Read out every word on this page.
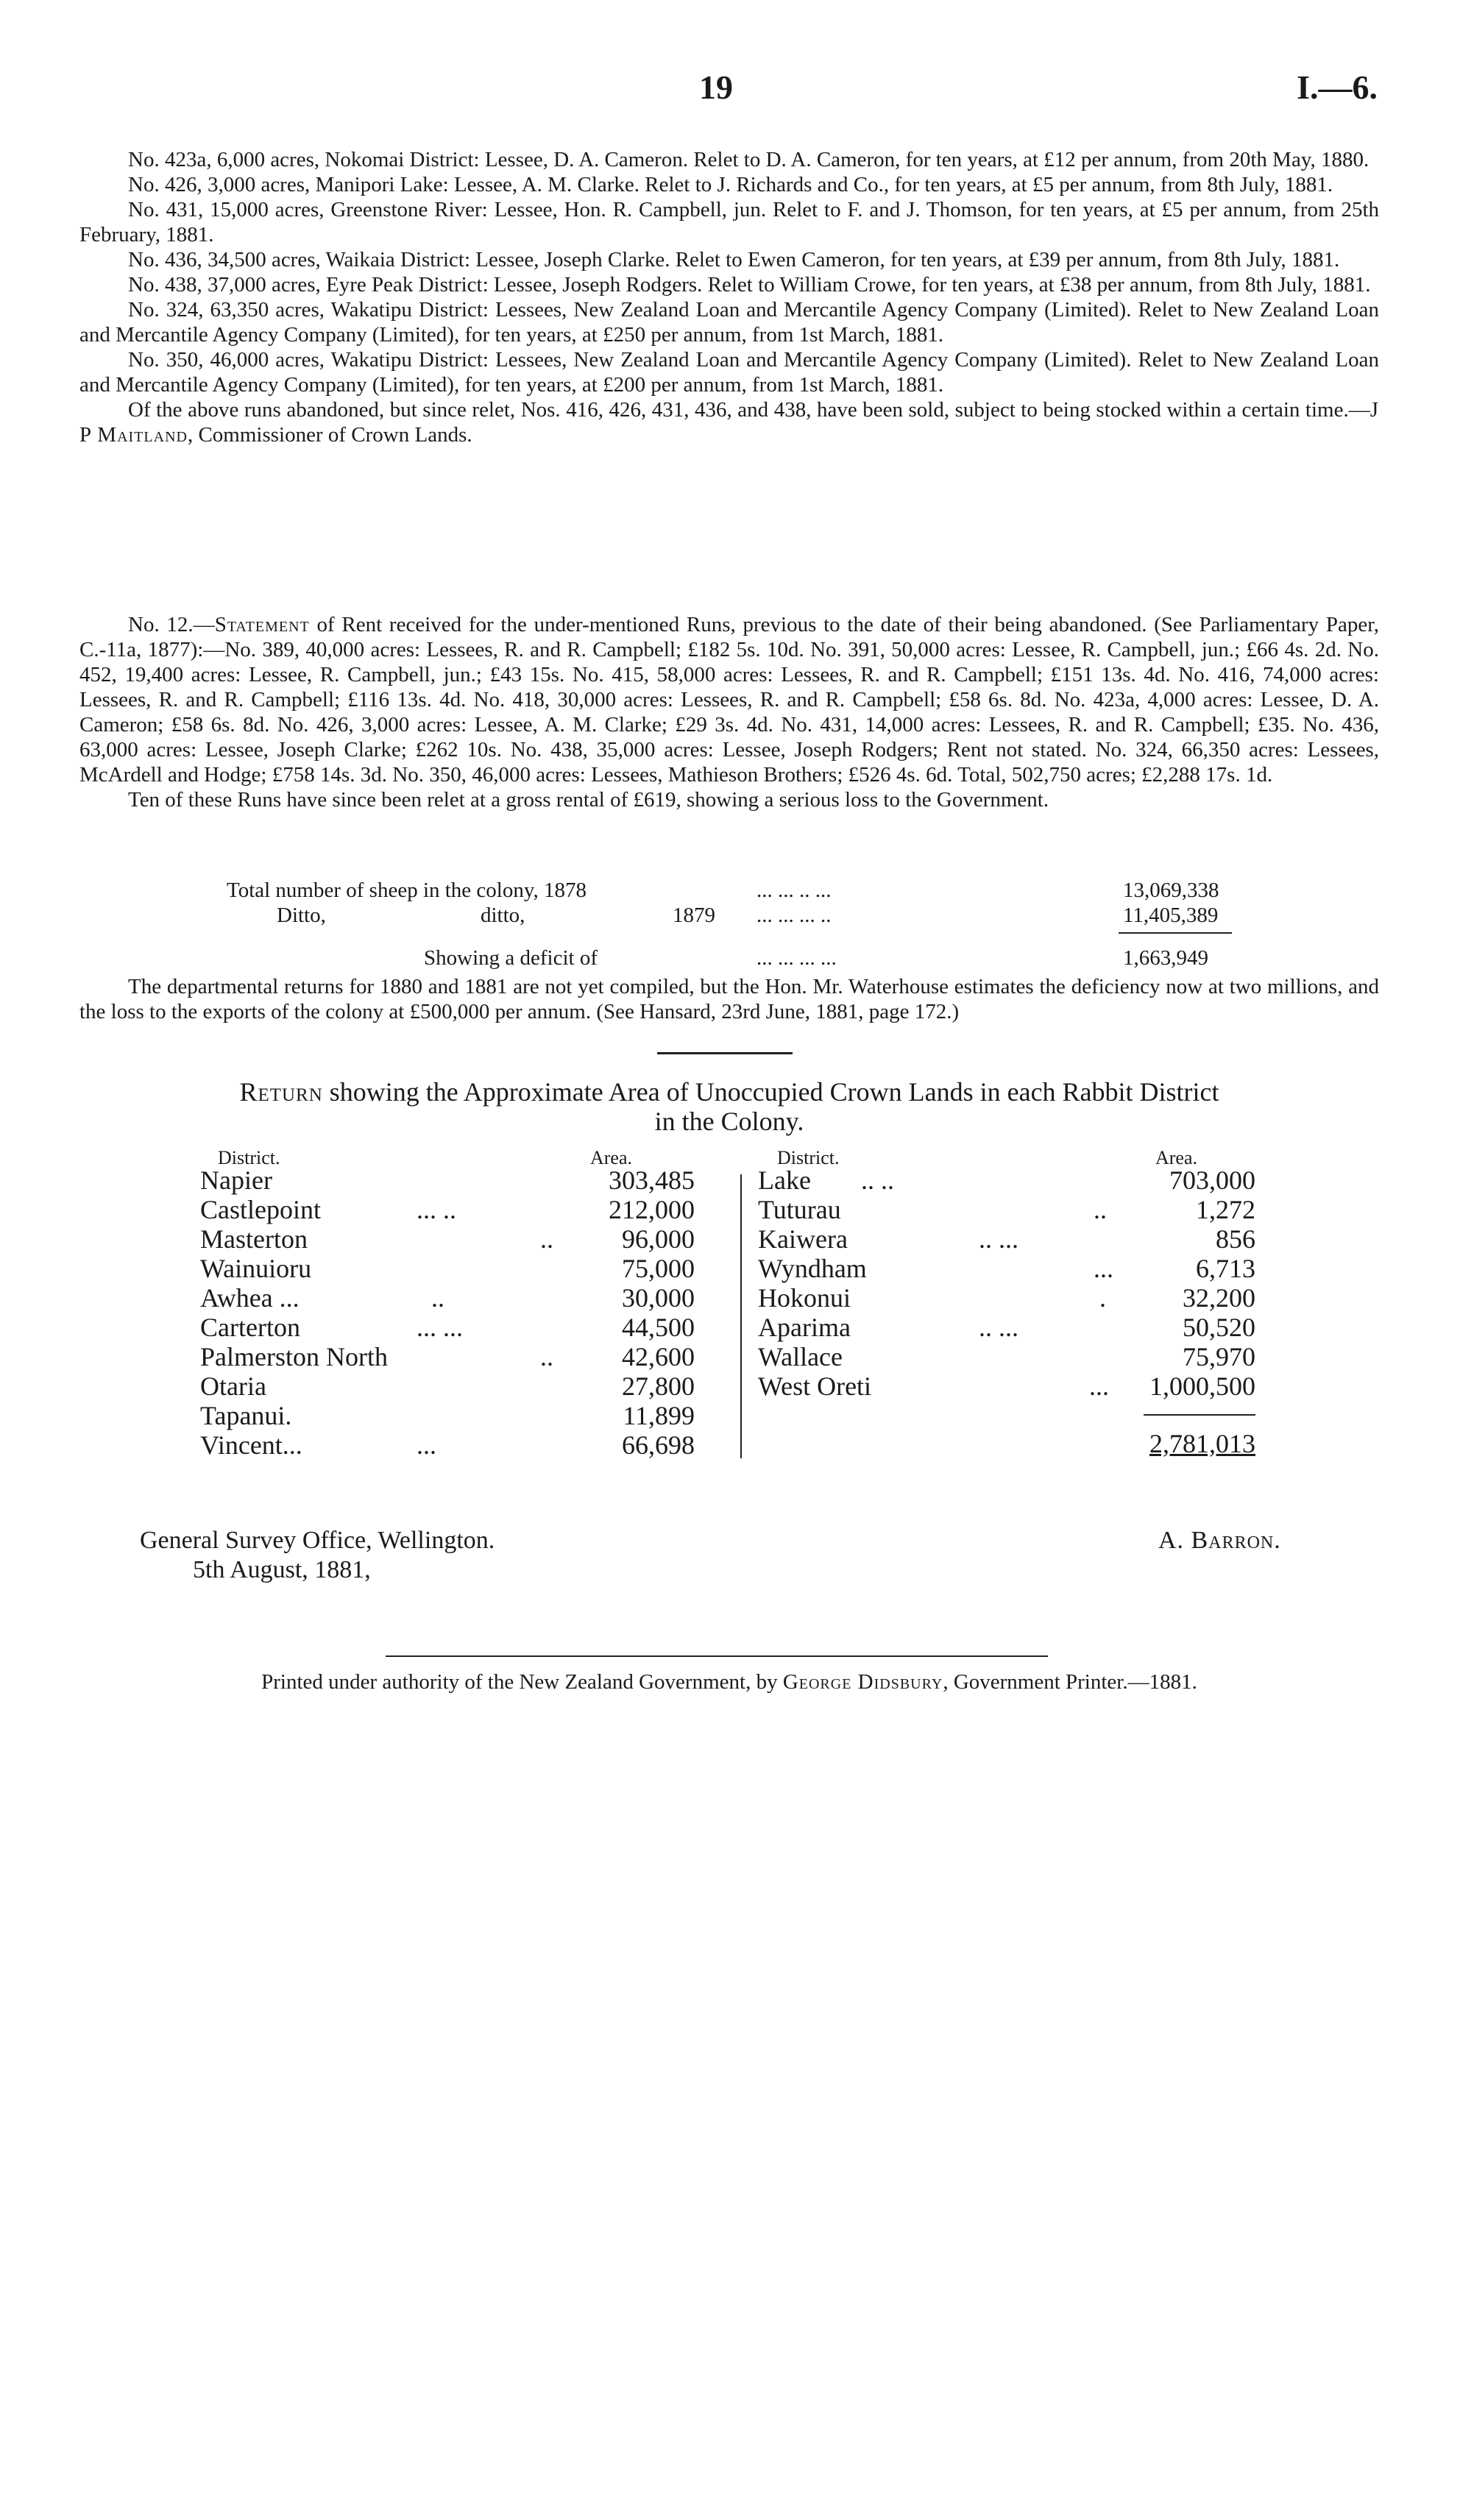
19	I.—6.

No. 423a, 6,000 acres, Nokomai District: Lessee, D. A. Cameron. Relet to D. A. Cameron, for ten years, at £12 per annum, from 20th May, 1880.

No. 426, 3,000 acres, Manipori Lake: Lessee, A. M. Clarke. Relet to J. Richards and Co., for ten years, at £5 per annum, from 8th July, 1881.

No. 431, 15,000 acres, Greenstone River: Lessee, Hon. R. Campbell, jun. Relet to F. and J. Thomson, for ten years, at £5 per annum, from 25th February, 1881.

No. 436, 34,500 acres, Waikaia District: Lessee, Joseph Clarke. Relet to Ewen Cameron, for ten years, at £39 per annum, from 8th July, 1881.

No. 438, 37,000 acres, Eyre Peak District: Lessee, Joseph Rodgers. Relet to William Crowe, for ten years, at £38 per annum, from 8th July, 1881.

No. 324, 63,350 acres, Wakatipu District: Lessees, New Zealand Loan and Mercantile Agency Company (Limited). Relet to New Zealand Loan and Mercantile Agency Company (Limited), for ten years, at £250 per annum, from 1st March, 1881.

No. 350, 46,000 acres, Wakatipu District: Lessees, New Zealand Loan and Mercantile Agency Company (Limited). Relet to New Zealand Loan and Mercantile Agency Company (Limited), for ten years, at £200 per annum, from 1st March, 1881.

Of the above runs abandoned, but since relet, Nos. 416, 426, 431, 436, and 438, have been sold, subject to being stocked within a certain time.—J P Maitland, Commissioner of Crown Lands.

No. 12.—Statement of Rent received for the under-mentioned Runs, previous to the date of their being abandoned. (See Parliamentary Paper, C.-11a, 1877):—No. 389, 40,000 acres: Lessees, R. and R. Campbell; £182 5s. 10d. No. 391, 50,000 acres: Lessee, R. Campbell, jun.; £66 4s. 2d. No. 452, 19,400 acres: Lessee, R. Campbell, jun.; £43 15s. No. 415, 58,000 acres: Lessees, R. and R. Campbell; £151 13s. 4d. No. 416, 74,000 acres: Lessees, R. and R. Campbell; £116 13s. 4d. No. 418, 30,000 acres: Lessees, R. and R. Campbell; £58 6s. 8d. No. 423a, 4,000 acres: Lessee, D. A. Cameron; £58 6s. 8d. No. 426, 3,000 acres: Lessee, A. M. Clarke; £29 3s. 4d. No. 431, 14,000 acres: Lessees, R. and R. Campbell; £35. No. 436, 63,000 acres: Lessee, Joseph Clarke; £262 10s. No. 438, 35,000 acres: Lessee, Joseph Rodgers; Rent not stated. No. 324, 66,350 acres: Lessees, McArdell and Hodge; £758 14s. 3d. No. 350, 46,000 acres: Lessees, Mathieson Brothers; £526 4s. 6d. Total, 502,750 acres; £2,288 17s. 1d.

Ten of these Runs have since been relet at a gross rental of £619, showing a serious loss to the Government.

Total number of sheep in the colony, 1878	... ... .. ...	13,069,338
Ditto,	ditto,	1879 ... ... ... ..	11,405,389
Showing a deficit of	... ... ... ...	1,663,949

The departmental returns for 1880 and 1881 are not yet compiled, but the Hon. Mr. Waterhouse estimates the deficiency now at two millions, and the loss to the exports of the colony at £500,000 per annum. (See Hansard, 23rd June, 1881, page 172.)

Return showing the Approximate Area of Unoccupied Crown Lands in each Rabbit District
in the Colony.
District.	Area.	District.	Area.
Napier	303,485
Castlepoint	... ..	212,000
Masterton	..	96,000
Wainuioru	75,000
Awhea ...	..	30,000
Carterton	... ...	44,500
Palmerston North	..	42,600
Otaria	27,800
Tapanui.	11,899
Vincent...	...	66,698
Lake .. ..	703,000
Tuturau	..	1,272
Kaiwera	.. ...	856
Wyndham	...	6,713
Hokonui	.	32,200
Aparima	.. ...	50,520
Wallace	75,970
West Oreti	... 1,000,500
2,781,013
General Survey Office, Wellington.
5th August, 1881,
A. Barron.
Printed under authority of the New Zealand Government, by George Didsbury, Government Printer.—1881.
